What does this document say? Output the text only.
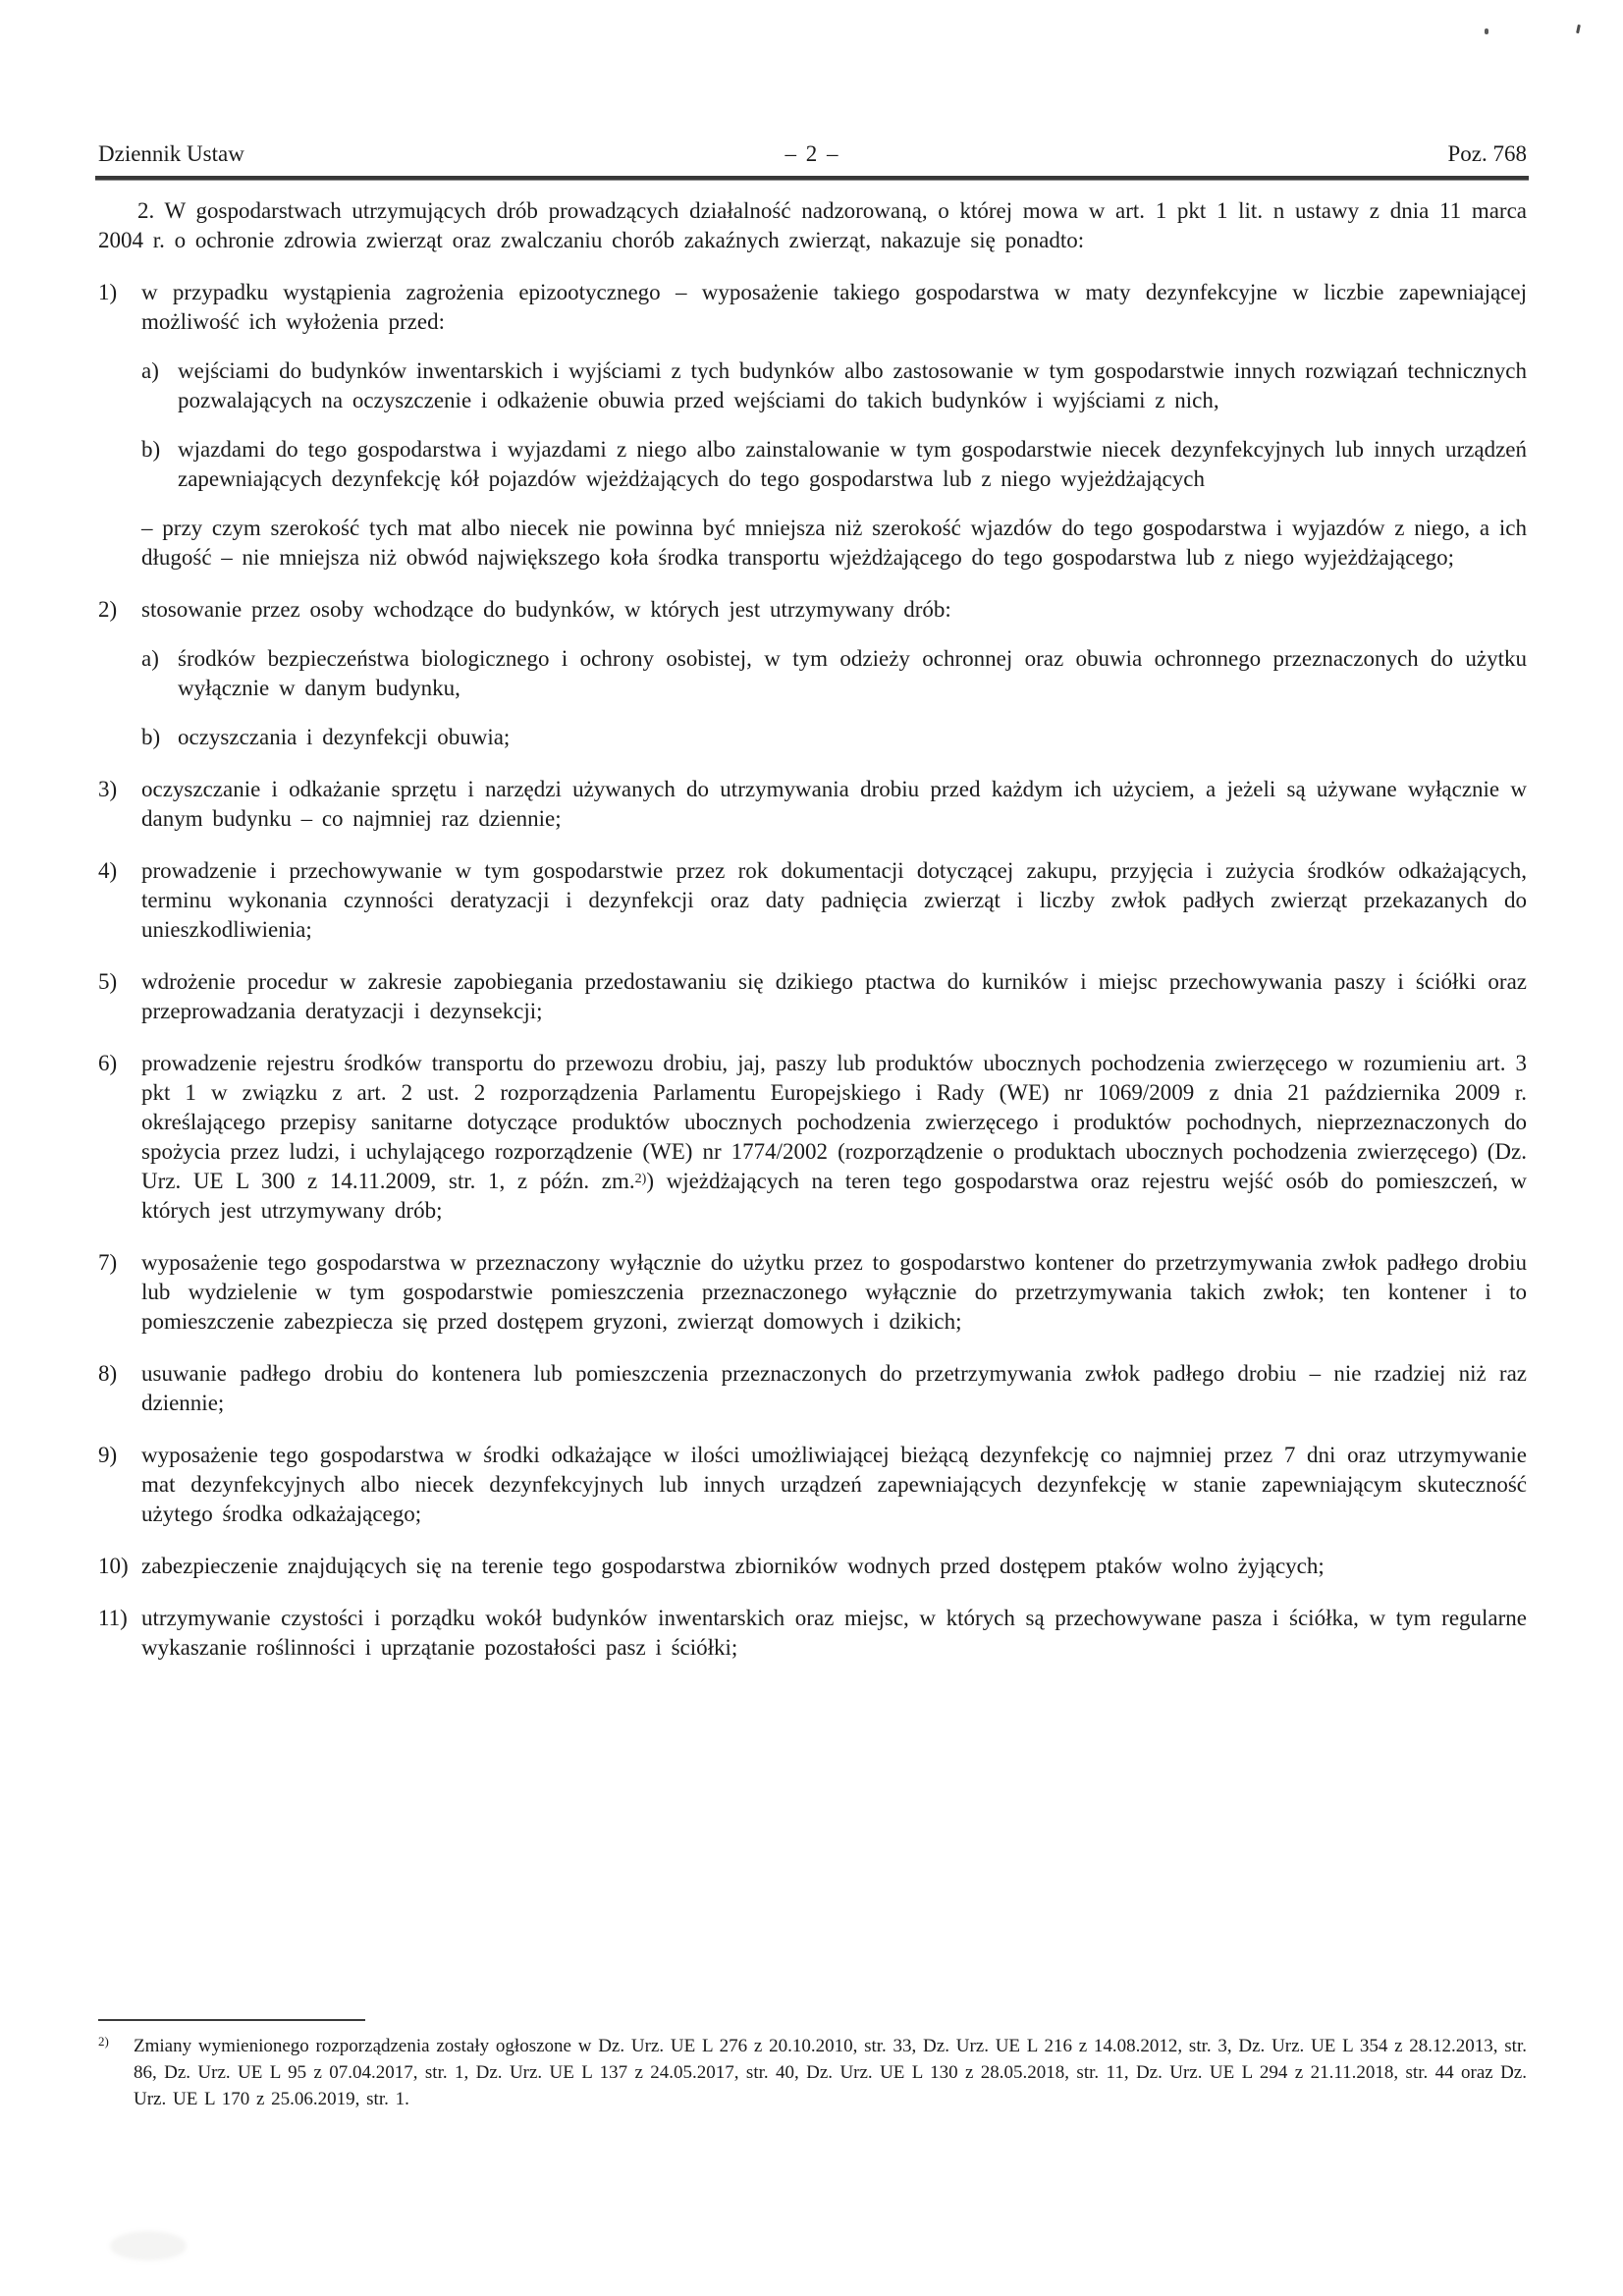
Dziennik Ustaw	– 2 –	Poz. 768

2. W gospodarstwach utrzymujących drób prowadzących działalność nadzorowaną, o której mowa w art. 1 pkt 1 lit. n ustawy z dnia 11 marca 2004 r. o ochronie zdrowia zwierząt oraz zwalczaniu chorób zakaźnych zwierząt, nakazuje się ponadto:

1)	w przypadku wystąpienia zagrożenia epizootycznego – wyposażenie takiego gospodarstwa w maty dezynfekcyjne w liczbie zapewniającej możliwość ich wyłożenia przed:

a) wejściami do budynków inwentarskich i wyjściami z tych budynków albo zastosowanie w tym gospodarstwie innych rozwiązań technicznych pozwalających na oczyszczenie i odkażenie obuwia przed wejściami do takich budynków i wyjściami z nich,

b) wjazdami do tego gospodarstwa i wyjazdami z niego albo zainstalowanie w tym gospodarstwie niecek dezynfekcyjnych lub innych urządzeń zapewniających dezynfekcję kół pojazdów wjeżdżających do tego gospodarstwa lub z niego wyjeżdżających

– przy czym szerokość tych mat albo niecek nie powinna być mniejsza niż szerokość wjazdów do tego gospodarstwa i wyjazdów z niego, a ich długość – nie mniejsza niż obwód największego koła środka transportu wjeżdżającego do tego gospodarstwa lub z niego wyjeżdżającego;

2)	stosowanie przez osoby wchodzące do budynków, w których jest utrzymywany drób:

a) środków bezpieczeństwa biologicznego i ochrony osobistej, w tym odzieży ochronnej oraz obuwia ochronnego przeznaczonych do użytku wyłącznie w danym budynku,

b) oczyszczania i dezynfekcji obuwia;

3)	oczyszczanie i odkażanie sprzętu i narzędzi używanych do utrzymywania drobiu przed każdym ich użyciem, a jeżeli są używane wyłącznie w danym budynku – co najmniej raz dziennie;

4)	prowadzenie i przechowywanie w tym gospodarstwie przez rok dokumentacji dotyczącej zakupu, przyjęcia i zużycia środków odkażających, terminu wykonania czynności deratyzacji i dezynfekcji oraz daty padnięcia zwierząt i liczby zwłok padłych zwierząt przekazanych do unieszkodliwienia;

5)	wdrożenie procedur w zakresie zapobiegania przedostawaniu się dzikiego ptactwa do kurników i miejsc przechowywania paszy i ściółki oraz przeprowadzania deratyzacji i dezynsekcji;

6)	prowadzenie rejestru środków transportu do przewozu drobiu, jaj, paszy lub produktów ubocznych pochodzenia zwierzęcego w rozumieniu art. 3 pkt 1 w związku z art. 2 ust. 2 rozporządzenia Parlamentu Europejskiego i Rady (WE) nr 1069/2009 z dnia 21 października 2009 r. określającego przepisy sanitarne dotyczące produktów ubocznych pochodzenia zwierzęcego i produktów pochodnych, nieprzeznaczonych do spożycia przez ludzi, i uchylającego rozporządzenie (WE) nr 1774/2002 (rozporządzenie o produktach ubocznych pochodzenia zwierzęcego) (Dz. Urz. UE L 300 z 14.11.2009, str. 1, z późn. zm.$^{2)}$) wjeżdżających na teren tego gospodarstwa oraz rejestru wejść osób do pomieszczeń, w których jest utrzymywany drób;

7)	wyposażenie tego gospodarstwa w przeznaczony wyłącznie do użytku przez to gospodarstwo kontener do przetrzymywania zwłok padłego drobiu lub wydzielenie w tym gospodarstwie pomieszczenia przeznaczonego wyłącznie do przetrzymywania takich zwłok; ten kontener i to pomieszczenie zabezpiecza się przed dostępem gryzoni, zwierząt domowych i dzikich;

8)	usuwanie padłego drobiu do kontenera lub pomieszczenia przeznaczonych do przetrzymywania zwłok padłego drobiu – nie rzadziej niż raz dziennie;

9)	wyposażenie tego gospodarstwa w środki odkażające w ilości umożliwiającej bieżącą dezynfekcję co najmniej przez 7 dni oraz utrzymywanie mat dezynfekcyjnych albo niecek dezynfekcyjnych lub innych urządzeń zapewniających dezynfekcję w stanie zapewniającym skuteczność użytego środka odkażającego;

10) zabezpieczenie znajdujących się na terenie tego gospodarstwa zbiorników wodnych przed dostępem ptaków wolno żyjących;

11) utrzymywanie czystości i porządku wokół budynków inwentarskich oraz miejsc, w których są przechowywane pasza i ściółka, w tym regularne wykaszanie roślinności i uprzątanie pozostałości pasz i ściółki;

2)	Zmiany wymienionego rozporządzenia zostały ogłoszone w Dz. Urz. UE L 276 z 20.10.2010, str. 33, Dz. Urz. UE L 216 z 14.08.2012, str. 3, Dz. Urz. UE L 354 z 28.12.2013, str. 86, Dz. Urz. UE L 95 z 07.04.2017, str. 1, Dz. Urz. UE L 137 z 24.05.2017, str. 40, Dz. Urz. UE L 130 z 28.05.2018, str. 11, Dz. Urz. UE L 294 z 21.11.2018, str. 44 oraz Dz. Urz. UE L 170 z 25.06.2019, str. 1.
